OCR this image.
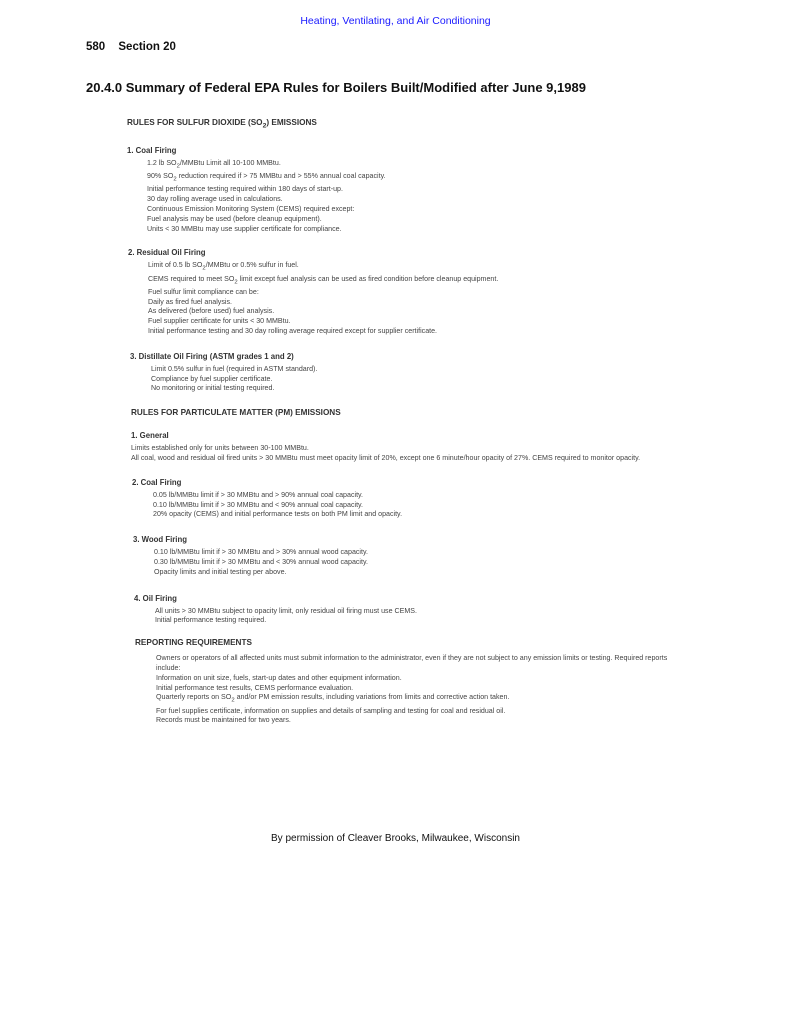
Heating, Ventilating, and Air Conditioning
580 Section 20
20.4.0 Summary of Federal EPA Rules for Boilers Built/Modified after June 9,1989
RULES FOR SULFUR DIOXIDE $(SO_2)$ EMISSIONS
1. Coal Firing
1.2 lb $SO_2$/MMBtu Limit all 10-100 MMBtu.
90% $SO_2$ reduction required if > 75 MMBtu and > 55% annual coal capacity.
Initial performance testing required within 180 days of start-up.
30 day rolling average used in calculations.
Continuous Emission Monitoring System (CEMS) required except:
Fuel analysis may be used (before cleanup equipment).
Units < 30 MMBtu may use supplier certificate for compliance.
2. Residual Oil Firing
Limit of 0.5 lb $SO_2$/MMBtu or 0.5% sulfur in fuel.
CEMS required to meet $SO_2$ limit except fuel analysis can be used as fired condition before cleanup equipment.
Fuel sulfur limit compliance can be:
Daily as fired fuel analysis.
As delivered (before used) fuel analysis.
Fuel supplier certificate for units < 30 MMBtu.
Initial performance testing and 30 day rolling average required except for supplier certificate.
3. Distillate Oil Firing (ASTM grades 1 and 2)
Limit 0.5% sulfur in fuel (required in ASTM standard).
Compliance by fuel supplier certificate.
No monitoring or initial testing required.
RULES FOR PARTICULATE MATTER (PM) EMISSIONS
1. General
Limits established only for units between 30-100 MMBtu.
All coal, wood and residual oil fired units > 30 MMBtu must meet opacity limit of 20%, except one 6 minute/hour opacity of 27%. CEMS required to monitor opacity.
2. Coal Firing
0.05 lb/MMBtu limit if > 30 MMBtu and > 90% annual coal capacity.
0.10 lb/MMBtu limit if > 30 MMBtu and < 90% annual coal capacity.
20% opacity (CEMS) and initial performance tests on both PM limit and opacity.
3. Wood Firing
0.10 lb/MMBtu limit if > 30 MMBtu and > 30% annual wood capacity.
0.30 lb/MMBtu limit if > 30 MMBtu and < 30% annual wood capacity.
Opacity limits and initial testing per above.
4. Oil Firing
All units > 30 MMBtu subject to opacity limit, only residual oil firing must use CEMS.
Initial performance testing required.
REPORTING REQUIREMENTS
Owners or operators of all affected units must submit information to the administrator, even if they are not subject to any emission limits or testing. Required reports include:
Information on unit size, fuels, start-up dates and other equipment information.
Initial performance test results, CEMS performance evaluation.
Quarterly reports on $SO_2$ and/or PM emission results, including variations from limits and corrective action taken.
For fuel supplies certificate, information on supplies and details of sampling and testing for coal and residual oil.
Records must be maintained for two years.
By permission of Cleaver Brooks, Milwaukee, Wisconsin
